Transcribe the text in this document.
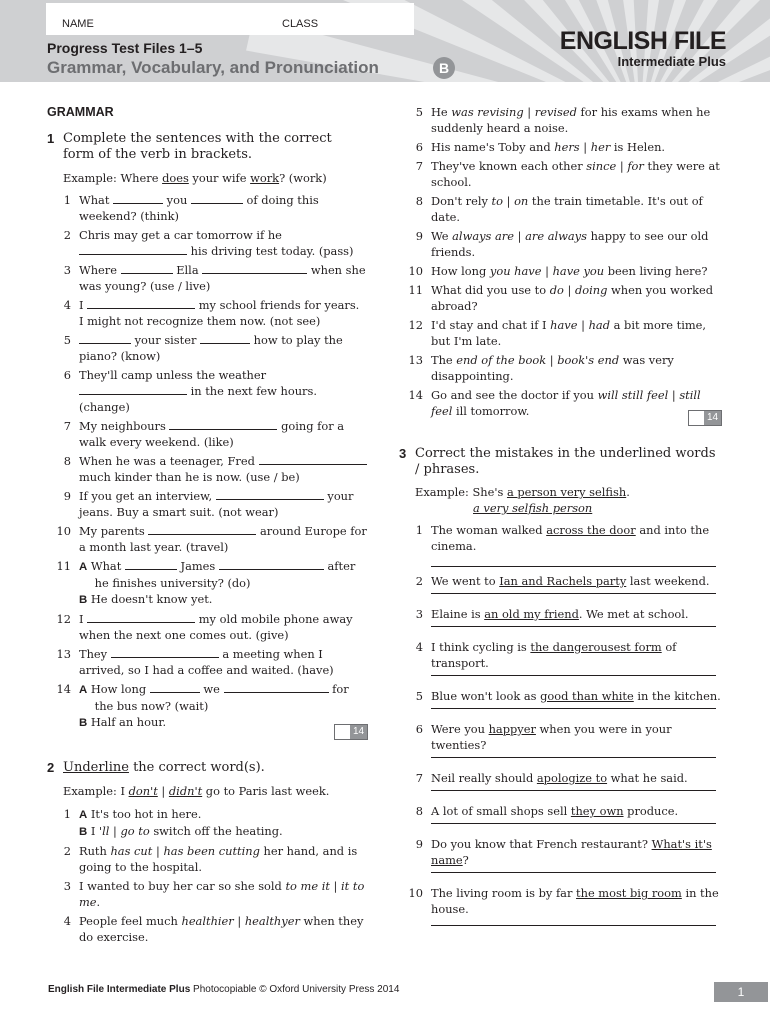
NAME	CLASS
Progress Test Files 1–5
Grammar, Vocabulary, and Pronunciation	B
ENGLISH FILE
Intermediate Plus
GRAMMAR
1 Complete the sentences with the correct form of the verb in brackets.
Example: Where does your wife work? (work)
1 What	you	of doing this weekend? (think)
2 Chris may get a car tomorrow if he  his driving test today. (pass)
3 Where	Ella	when she was young? (use / live)
4 I	my school friends for years. I might not recognize them now. (not see)
5	your sister	how to play the piano? (know)
6 They'll camp unless the weather  in the next few hours. (change)
7 My neighbours	going for a walk every weekend. (like)
8 When he was a teenager, Fred  much kinder than he is now. (use / be)
9 If you get an interview,	your jeans. Buy a smart suit. (not wear)
10 My parents	around Europe for a month last year. (travel)
11 A What	James	after
he finishes university? (do)
B He doesn't know yet.
12 I	my old mobile phone away when the next one comes out. (give)
13 They	a meeting when I arrived, so I had a coffee and waited. (have)
14 A How long	we	for
the bus now? (wait)
B Half an hour.
14
2 Underline the correct word(s).
Example: I don't | didn't go to Paris last week.
1 A It's too hot in here.
B I 'll | go to switch off the heating.
2 Ruth has cut | has been cutting her hand, and is going to the hospital.
3 I wanted to buy her car so she sold to me it | it to me.
4 People feel much healthier | healthyer when they do exercise.
5 He was revising | revised for his exams when he suddenly heard a noise.
6 His name's Toby and hers | her is Helen.
7 They've known each other since | for they were at school.
8 Don't rely to | on the train timetable. It's out of date.
9 We always are | are always happy to see our old friends.
10 How long you have | have you been living here?
11 What did you use to do | doing when you worked abroad?
12 I'd stay and chat if I have | had a bit more time, but I'm late.
13 The end of the book | book's end was very disappointing.
14 Go and see the doctor if you will still feel | still feel ill tomorrow.	14
3 Correct the mistakes in the underlined words / phrases.
Example: She's a person very selfish.
a very selfish person
1 The woman walked across the door and into the cinema.
2 We went to Ian and Rachels party last weekend.
3 Elaine is an old my friend. We met at school.
4 I think cycling is the dangerousest form of transport.
5 Blue won't look as good than white in the kitchen.
6 Were you happyer when you were in your twenties?
7 Neil really should apologize to what he said.
8 A lot of small shops sell they own produce.
9 Do you know that French restaurant? What's it's name?
10 The living room is by far the most big room in the house.
English File Intermediate Plus Photocopiable © Oxford University Press 2014	1
